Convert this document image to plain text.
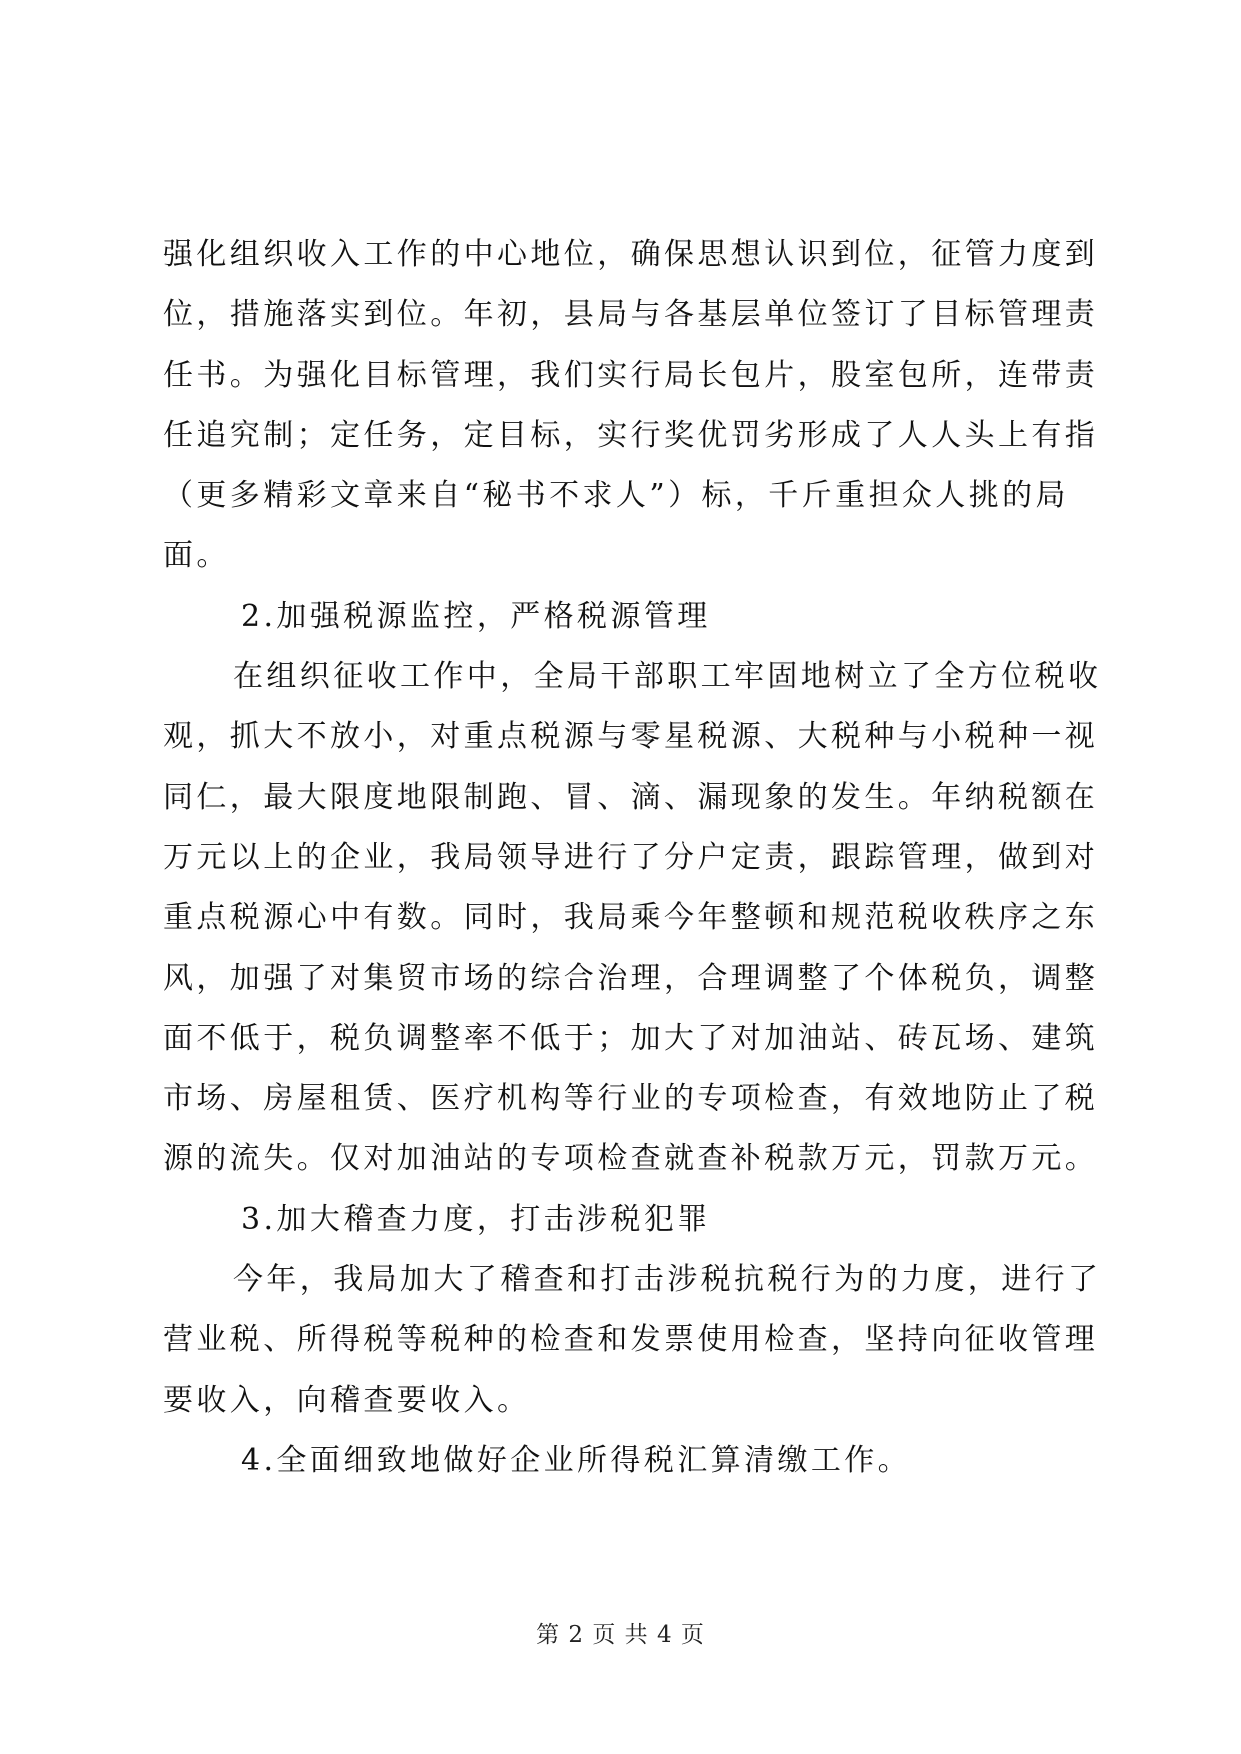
强化组织收入工作的中心地位，确保思想认识到位，征管力度到
位，措施落实到位。年初，县局与各基层单位签订了目标管理责
任书。为强化目标管理，我们实行局长包片，股室包所，连带责
任追究制；定任务，定目标，实行奖优罚劣形成了人人头上有指
（更多精彩文章来自“秘书不求人”）标，千斤重担众人挑的局
面。
2.加强税源监控，严格税源管理
在组织征收工作中，全局干部职工牢固地树立了全方位税收
观，抓大不放小，对重点税源与零星税源、大税种与小税种一视
同仁，最大限度地限制跑、冒、滴、漏现象的发生。年纳税额在
万元以上的企业，我局领导进行了分户定责，跟踪管理，做到对
重点税源心中有数。同时，我局乘今年整顿和规范税收秩序之东
风，加强了对集贸市场的综合治理，合理调整了个体税负，调整
面不低于，税负调整率不低于；加大了对加油站、砖瓦场、建筑
市场、房屋租赁、医疗机构等行业的专项检查，有效地防止了税
源的流失。仅对加油站的专项检查就查补税款万元，罚款万元。
3.加大稽查力度，打击涉税犯罪
今年，我局加大了稽查和打击涉税抗税行为的力度，进行了
营业税、所得税等税种的检查和发票使用检查，坚持向征收管理
要收入，向稽查要收入。
4.全面细致地做好企业所得税汇算清缴工作。
第 2 页 共 4 页
